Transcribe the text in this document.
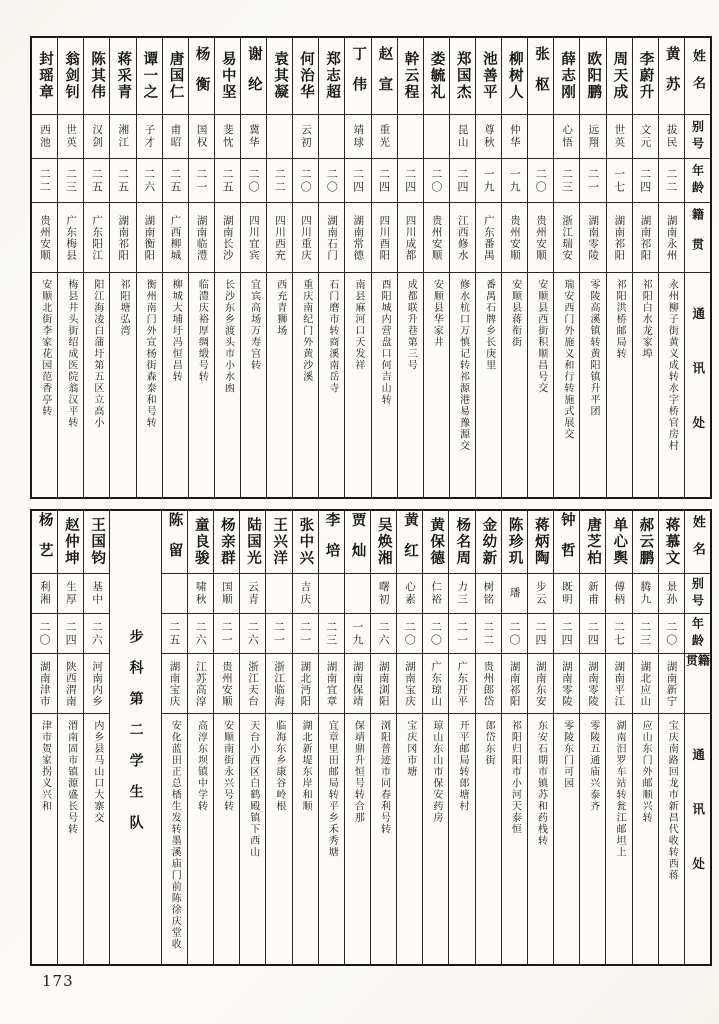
姓名
别号
年龄
籍贯
通讯处
黄苏
拔民
二二
湖南永州
永州柳子街黄义成转水字桥官房村
李蔚升
文元
二四
湖南祁阳
祁阳白水龙家埠
周天成
世英
一七
湖南祁阳
祁阳洪桥邮局转
欧阳鹏
远翔
二一
湖南零陵
零陵高溪镇转黄阳镇升平团
薛志刚
心悟
二三
浙江瑞安
瑞安西门外施义和行转施式展交
张枢
二〇
贵州安顺
安顺县西街积顺昌号交
柳树人
仲华
一九
贵州安顺
安顺县蒋衔街
池善平
尊秋
一九
广东番禺
番禺石牌乡长庚里
郑国杰
昆山
二四
江西修水
修水杭口万慎记转祁源港易豫源交
娄毓礼
二〇
贵州安顺
安顺县华家井
幹云程
二四
四川成都
成都联升巷第三号
赵宣
重光
二四
四川酉阳
酉阳城内营盘口何吉山转
丁伟
靖球
二四
湖南常德
南县麻河口天发祥
郑志超
二〇
湖南石门
石门磨市转商溪南岳寺
何治华
云初
二〇
四川重庆
重庆南纪门外黄沙溪
袁其凝
二二
四川西充
西充青狮场
谢纶
冀华
二〇
四川宜宾
宜宾高场万寿宫转
易中坚
斐忱
二五
湖南长沙
长沙东乡渡头市小水凼
杨衡
国权
二一
湖南临澧
临澧庆裕厚绸缎号转
唐国仁
甫昭
二五
广西柳城
柳城大埔圩冯恒昌转
谭一之
子才
二六
湖南衡阳
衡州南门外宣杨街森泰和号转
蒋采青
湘江
二五
湖南祁阳
祁阳塘弘湾
陈其伟
汉剑
二五
广东阳江
阳江海凌白蒲圩第五区立高小
翁剑钊
世英
二三
广东梅县
梅县井头街绍成医院翁汉平转
封瑶章
西池
二二
贵州安顺
安顺北街李家花园范香亭转
姓名
别号
年龄
籍贯
通讯处
蒋慕文
景孙
二〇
湖南新宁
宝庆南路回龙市新昌代收转西蒋
郝云鹏
腾九
二三
湖北应山
应山东门外邮顺兴转
单心舆
傅柄
二七
湖南平江
湖南汨罗车站转瓮江邮坦上
唐芝柏
新甫
二四
湖南零陵
零陵五通庙兴泰齐
钟哲
既明
二四
湖南零陵
零陵东门可园
蒋炳陶
步云
二四
湖南东安
东安石期市镇苏和药栈转
陈珍玑
璠
二〇
湖南祁阳
祁阳归阳市小河天泰恒
金幼新
树铭
二二
贵州郎岱
郎岱东街
杨名周
力三
二一
广东开平
开平邮局转郎塘村
黄保德
仁裕
二〇
广东琼山
琼山东山市保安药房
黄红
心素
二〇
湖南宝庆
宝庆冈市塘
吴焕湘
曙初
二六
湖南浏阳
浏阳普迹市同春利号转
贾灿
一九
湖南保靖
保靖鼎升恒号转合那
李培
二三
湖南宜章
宜章里田邮局转平乡禾秀塘
张中兴
吉庆
二一
湖北沔阳
湖北新堤东岸和顺
王兴洋
二一
浙江临海
临海东乡康谷岭根
陆国光
云青
二六
浙江天台
天台小西区白鹤殿镇下西山
杨亲群
国顺
二一
贵州安顺
安顺南街永兴号转
童良骏
啸秋
二六
江苏高淳
高淳东坝镇中学转
陈留
二五
湖南宝庆
安化蓝田正总楿生发转墨溪庙门前陈徐庆堂收
步科第二学生队
王国钧
基中
二六
河南内乡
内乡县马山口大寨交
赵仲坤
生厚
二四
陕西渭南
渭南固市镇源盛长号转
杨艺
利湘
二〇
湖南津市
津市贺家拐义兴和
173
